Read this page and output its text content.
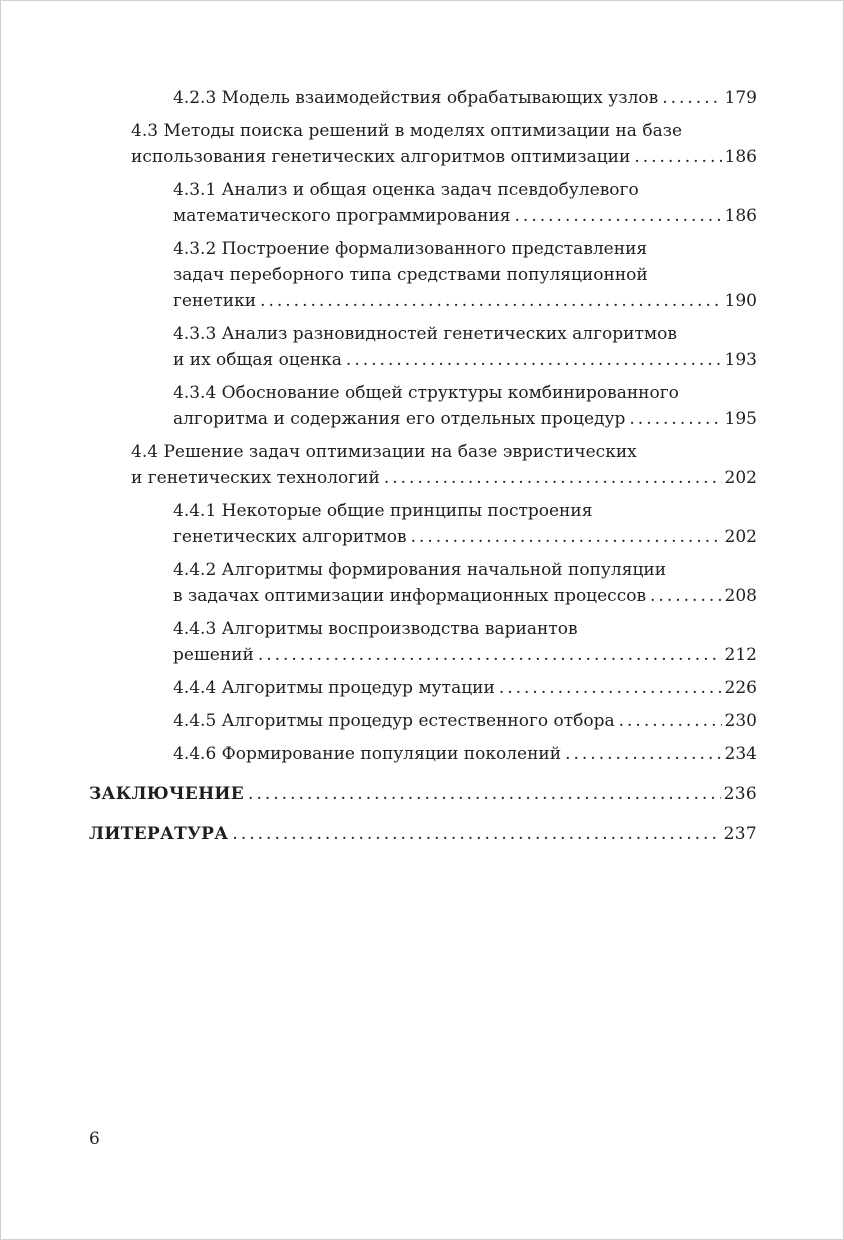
4.2.3 Модель взаимодействия обрабатывающих узлов .....	179
4.3 Методы поиска решений в моделях оптимизации на базе
использования генетических алгоритмов оптимизации .....	186
4.3.1 Анализ и общая оценка задач псевдобулевого
математического программирования .....	186
4.3.2 Построение формализованного представления
задач переборного типа средствами популяционной
генетики .....	190
4.3.3 Анализ разновидностей генетических алгоритмов
и их общая оценка .....	193
4.3.4 Обоснование общей структуры комбинированного
алгоритма и содержания его отдельных процедур .....	195
4.4 Решение задач оптимизации на базе эвристических
и генетических технологий .....	202
4.4.1 Некоторые общие принципы построения
генетических алгоритмов .....	202
4.4.2 Алгоритмы формирования начальной популяции
в задачах оптимизации информационных процессов .....	208
4.4.3 Алгоритмы воспроизводства вариантов
решений .....	212
4.4.4 Алгоритмы процедур мутации .....	226
4.4.5 Алгоритмы процедур естественного отбора .....	230
4.4.6 Формирование популяции поколений .....	234
ЗАКЛЮЧЕНИЕ .....	236
ЛИТЕРАТУРА .....	237
6
